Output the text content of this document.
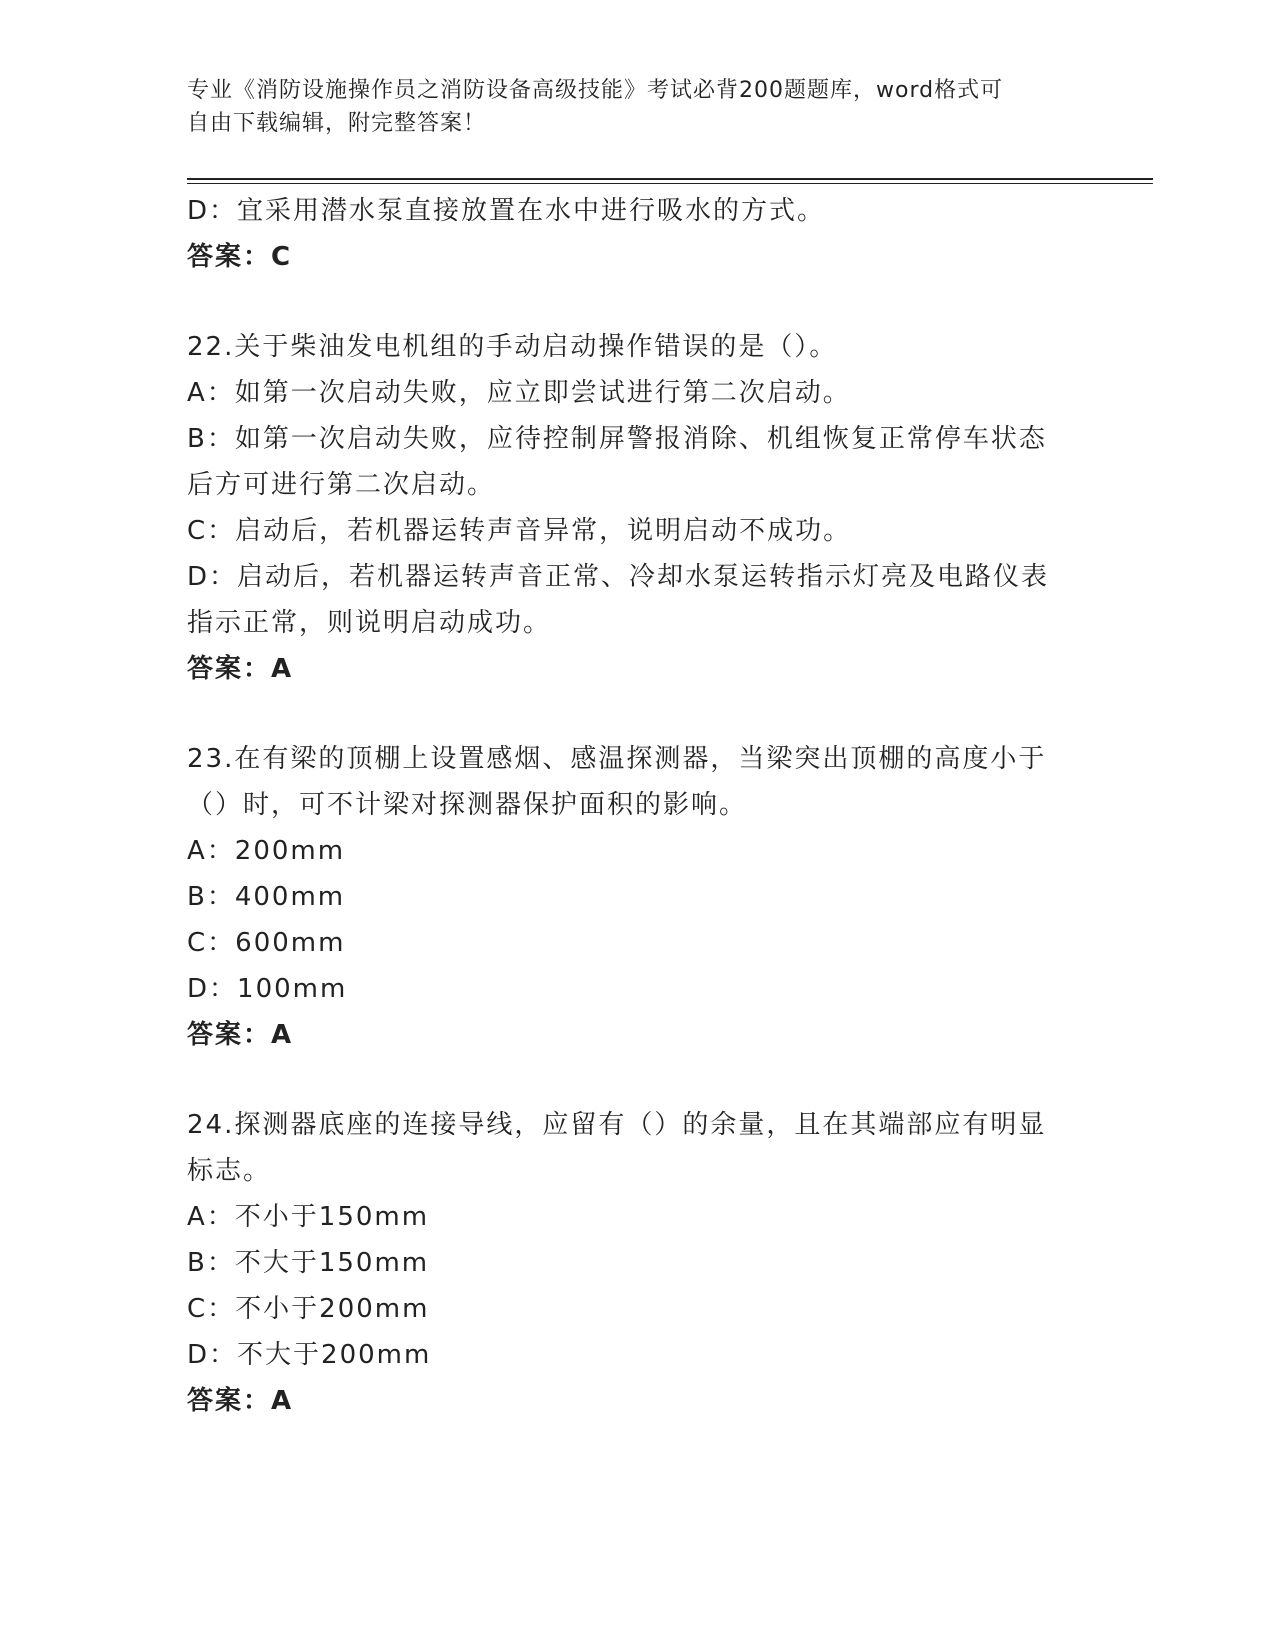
专业《消防设施操作员之消防设备高级技能》考试必背200题题库，word格式可
自由下载编辑，附完整答案！
D：宜采用潜水泵直接放置在水中进行吸水的方式。
答案：C
22.关于柴油发电机组的手动启动操作错误的是（）。
A：如第一次启动失败，应立即尝试进行第二次启动。
B：如第一次启动失败，应待控制屏警报消除、机组恢复正常停车状态
后方可进行第二次启动。
C：启动后，若机器运转声音异常，说明启动不成功。
D：启动后，若机器运转声音正常、冷却水泵运转指示灯亮及电路仪表
指示正常，则说明启动成功。
答案：A
23.在有梁的顶棚上设置感烟、感温探测器，当梁突出顶棚的高度小于
（）时，可不计梁对探测器保护面积的影响。
A：200mm
B：400mm
C：600mm
D：100mm
答案：A
24.探测器底座的连接导线，应留有（）的余量，且在其端部应有明显
标志。
A：不小于150mm
B：不大于150mm
C：不小于200mm
D：不大于200mm
答案：A
